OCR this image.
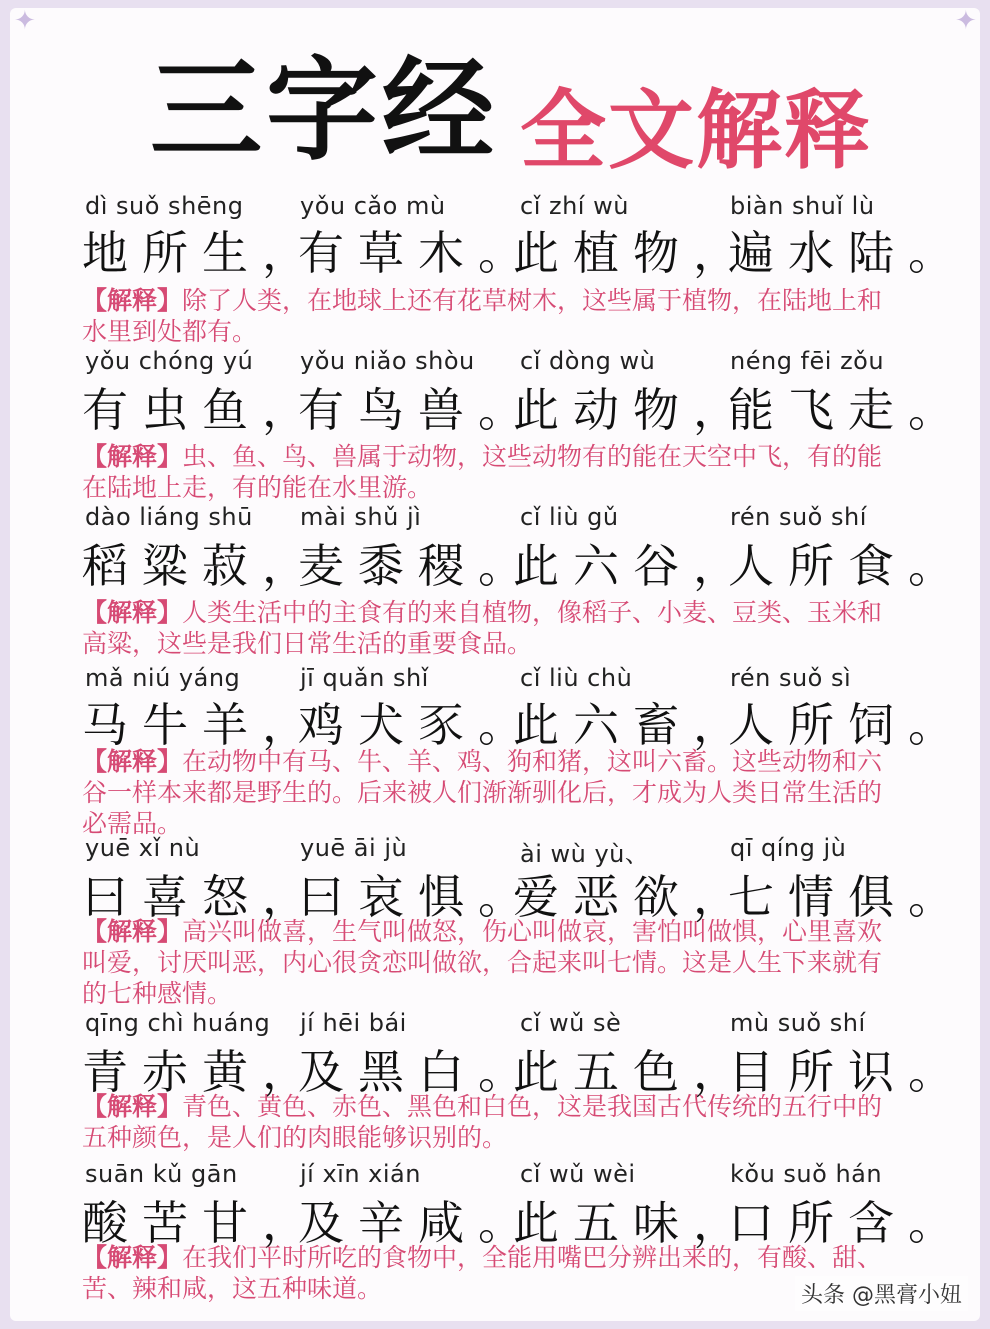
✦	✦
三字经 全文解释
dì suǒ shēng
地所生，
yǒu cǎo mù
有草木。
cǐ zhí wù
此植物，
biàn shuǐ lù
遍水陆。
【解释】除了人类，在地球上还有花草树木，这些属于植物，在陆地上和水里到处都有。
yǒu chóng yú
有虫鱼，
yǒu niǎo shòu
有鸟兽。
cǐ dòng wù
此动物，
néng fēi zǒu
能飞走。
【解释】虫、鱼、鸟、兽属于动物，这些动物有的能在天空中飞，有的能在陆地上走，有的能在水里游。
dào liáng shū
稻粱菽，
mài shǔ jì
麦黍稷。
cǐ liù gǔ
此六谷，
rén suǒ shí
人所食。
【解释】人类生活中的主食有的来自植物，像稻子、小麦、豆类、玉米和高粱，这些是我们日常生活的重要食品。
mǎ niú yáng
马牛羊，
jī quǎn shǐ
鸡犬豕。
cǐ liù chù
此六畜，
rén suǒ sì
人所饲。
【解释】在动物中有马、牛、羊、鸡、狗和猪，这叫六畜。这些动物和六谷一样本来都是野生的。后来被人们渐渐驯化后，才成为人类日常生活的必需品。
yuē xǐ nù
曰喜怒，
yuē āi jù
曰哀惧。
ài wù yù、
爱恶欲，
qī qíng jù
七情俱。
【解释】高兴叫做喜，生气叫做怒，伤心叫做哀，害怕叫做惧，心里喜欢叫爱，讨厌叫恶，内心很贪恋叫做欲，合起来叫七情。这是人生下来就有的七种感情。
qīng chì huáng
青赤黄，
jí hēi bái
及黑白。
cǐ wǔ sè
此五色，
mù suǒ shí
目所识。
【解释】青色、黄色、赤色、黑色和白色，这是我国古代传统的五行中的五种颜色，是人们的肉眼能够识别的。
suān kǔ gān
酸苦甘，
jí xīn xián
及辛咸。
cǐ wǔ wèi
此五味，
kǒu suǒ hán
口所含。
【解释】在我们平时所吃的食物中，全能用嘴巴分辨出来的，有酸、甜、苦、辣和咸，这五种味道。	头条 @黑膏小妞
